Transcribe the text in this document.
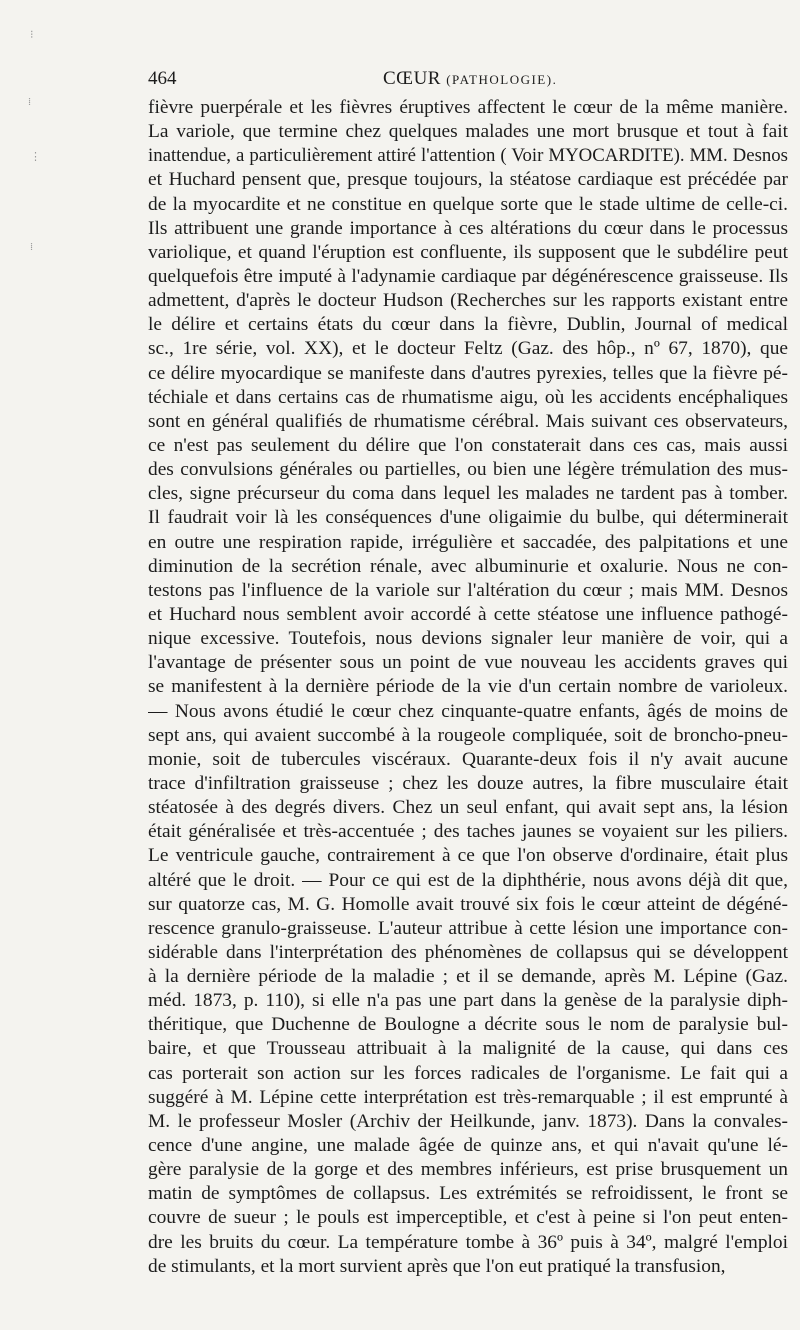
⁝
⁞
⋮
⁞
464	CŒUR (PATHOLOGIE).
fièvre puerpérale et les fièvres éruptives affectent le cœur de la même manière.
La variole, que termine chez quelques malades une mort brusque et tout à fait
inattendue, a particulièrement attiré l'attention ( Voir MYOCARDITE). MM. Desnos
et Huchard pensent que, presque toujours, la stéatose cardiaque est précédée par
de la myocardite et ne constitue en quelque sorte que le stade ultime de celle-ci.
Ils attribuent une grande importance à ces altérations du cœur dans le processus
variolique, et quand l'éruption est confluente, ils supposent que le subdélire peut
quelquefois être imputé à l'adynamie cardiaque par dégénérescence graisseuse. Ils
admettent, d'après le docteur Hudson (Recherches sur les rapports existant entre
le délire et certains états du cœur dans la fièvre, Dublin, Journal of medical
sc., 1re série, vol. XX), et le docteur Feltz (Gaz. des hôp., nº 67, 1870), que
ce délire myocardique se manifeste dans d'autres pyrexies, telles que la fièvre pé-
téchiale et dans certains cas de rhumatisme aigu, où les accidents encéphaliques
sont en général qualifiés de rhumatisme cérébral. Mais suivant ces observateurs,
ce n'est pas seulement du délire que l'on constaterait dans ces cas, mais aussi
des convulsions générales ou partielles, ou bien une légère trémulation des mus-
cles, signe précurseur du coma dans lequel les malades ne tardent pas à tomber.
Il faudrait voir là les conséquences d'une oligaimie du bulbe, qui déterminerait
en outre une respiration rapide, irrégulière et saccadée, des palpitations et une
diminution de la secrétion rénale, avec albuminurie et oxalurie. Nous ne con-
testons pas l'influence de la variole sur l'altération du cœur ; mais MM. Desnos
et Huchard nous semblent avoir accordé à cette stéatose une influence pathogé-
nique excessive. Toutefois, nous devions signaler leur manière de voir, qui a
l'avantage de présenter sous un point de vue nouveau les accidents graves qui
se manifestent à la dernière période de la vie d'un certain nombre de varioleux.
— Nous avons étudié le cœur chez cinquante-quatre enfants, âgés de moins de
sept ans, qui avaient succombé à la rougeole compliquée, soit de broncho-pneu-
monie, soit de tubercules viscéraux. Quarante-deux fois il n'y avait aucune
trace d'infiltration graisseuse ; chez les douze autres, la fibre musculaire était
stéatosée à des degrés divers. Chez un seul enfant, qui avait sept ans, la lésion
était généralisée et très-accentuée ; des taches jaunes se voyaient sur les piliers.
Le ventricule gauche, contrairement à ce que l'on observe d'ordinaire, était plus
altéré que le droit. — Pour ce qui est de la diphthérie, nous avons déjà dit que,
sur quatorze cas, M. G. Homolle avait trouvé six fois le cœur atteint de dégéné-
rescence granulo-graisseuse. L'auteur attribue à cette lésion une importance con-
sidérable dans l'interprétation des phénomènes de collapsus qui se développent
à la dernière période de la maladie ; et il se demande, après M. Lépine (Gaz.
méd. 1873, p. 110), si elle n'a pas une part dans la genèse de la paralysie diph-
théritique, que Duchenne de Boulogne a décrite sous le nom de paralysie bul-
baire, et que Trousseau attribuait à la malignité de la cause, qui dans ces
cas porterait son action sur les forces radicales de l'organisme. Le fait qui a
suggéré à M. Lépine cette interprétation est très-remarquable ; il est emprunté à
M. le professeur Mosler (Archiv der Heilkunde, janv. 1873). Dans la convales-
cence d'une angine, une malade âgée de quinze ans, et qui n'avait qu'une lé-
gère paralysie de la gorge et des membres inférieurs, est prise brusquement un
matin de symptômes de collapsus. Les extrémités se refroidissent, le front se
couvre de sueur ; le pouls est imperceptible, et c'est à peine si l'on peut enten-
dre les bruits du cœur. La température tombe à 36º puis à 34º, malgré l'emploi
de stimulants, et la mort survient après que l'on eut pratiqué la transfusion,
